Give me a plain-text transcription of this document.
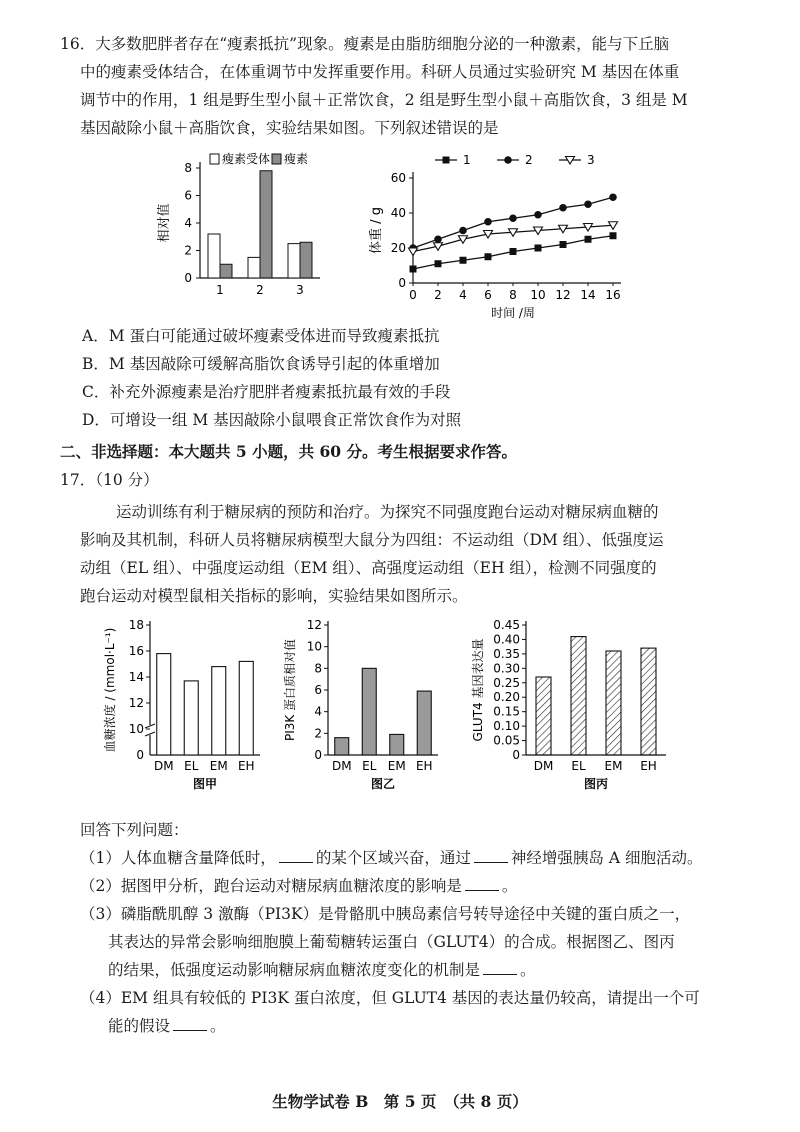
16．大多数肥胖者存在“瘦素抵抗”现象。瘦素是由脂肪细胞分泌的一种激素，能与下丘脑
中的瘦素受体结合，在体重调节中发挥重要作用。科研人员通过实验研究 M 基因在体重
调节中的作用，1 组是野生型小鼠＋正常饮食，2 组是野生型小鼠＋高脂饮食，3 组是 M
基因敲除小鼠＋高脂饮食，实验结果如图。下列叙述错误的是
0
2
4
6
8
相对值
1	2	3
瘦素受体 瘦素
0
20
40
60
0 2 4 6 8 10 12 14 16
时间 /周
体重 / g
1	2	3
A．M 蛋白可能通过破坏瘦素受体进而导致瘦素抵抗
B．M 基因敲除可缓解高脂饮食诱导引起的体重增加
C．补充外源瘦素是治疗肥胖者瘦素抵抗最有效的手段
D．可增设一组 M 基因敲除小鼠喂食正常饮食作为对照
二、非选择题：本大题共 5 小题，共 60 分。考生根据要求作答。
17．（10 分）
运动训练有利于糖尿病的预防和治疗。为探究不同强度跑台运动对糖尿病血糖的
影响及其机制，科研人员将糖尿病模型大鼠分为四组：不运动组（DM 组）、低强度运
动组（EL 组）、中强度运动组（EM 组）、高强度运动组（EH 组），检测不同强度的
跑台运动对模型鼠相关指标的影响，实验结果如图所示。
10
12
14
16
18
0
血糖浓度 / (mmol·L⁻¹)
DM EL EM EH
图甲
0
2
4
6
8
10
12
PI3K 蛋白质相对值
DM EL EM EH
图乙
0
0.05
0.10
0.15
0.20
0.25
0.30
0.35
0.40
0.45
GLUT4 基因表达量
DM EL EM EH
图丙
回答下列问题：
（1）人体血糖含量降低时，	的某个区域兴奋，通过	神经增强胰岛 A 细胞活动。
（2）据图甲分析，跑台运动对糖尿病血糖浓度的影响是	。
（3）磷脂酰肌醇 3 激酶（PI3K）是骨骼肌中胰岛素信号转导途径中关键的蛋白质之一，
其表达的异常会影响细胞膜上葡萄糖转运蛋白（GLUT4）的合成。根据图乙、图丙
的结果，低强度运动影响糖尿病血糖浓度变化的机制是	。
（4）EM 组具有较低的 PI3K 蛋白浓度，但 GLUT4 基因的表达量仍较高，请提出一个可
能的假设	。
生物学试卷 B　第 5 页　（共 8 页）
